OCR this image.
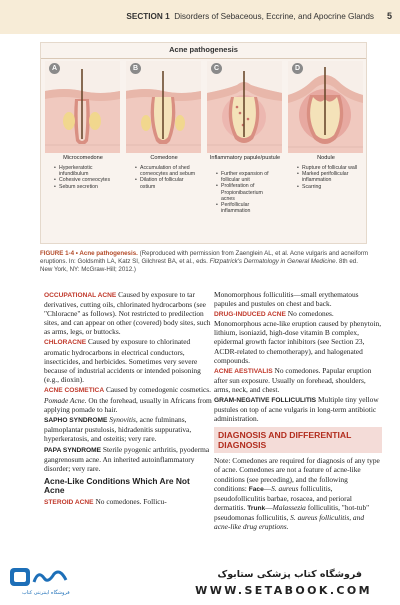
SECTION 1 Disorders of Sebaceous, Eccrine, and Apocrine Glands 5
Acne pathogenesis
A
Microcomedone
• Hyperkeratotic infundibulum
• Cohesive corneocytes
• Sebum secretion
B
Comedone
• Accumulation of shed corneocytes and sebum
• Dilation of follicular ostium
C
Inflammatory papule/pustule
• Further expansion of follicular unit
• Proliferation of Propionibacterium acnes
• Perifollicular inflammation
D
Nodule
• Rupture of follicular wall
• Marked perifollicular inflammation
• Scarring
FIGURE 1-4 • Acne pathogenesis. (Reproduced with permission from Zaenglein AL, et al. Acne vulgaris and acneiform eruptions. In: Goldsmith LA, Katz SI, Gilchrest BA, et al., eds. Fitzpatrick's Dermatology in General Medicine. 8th ed. New York, NY: McGraw-Hill; 2012.)

OCCUPATIONAL ACNE Caused by exposure to tar derivatives, cutting oils, chlorinated hydrocarbons (see "Chloracne" as follows). Not restricted to predilection sites, and can appear on other (covered) body sites, such as arms, legs, or buttocks.

CHLORACNE Caused by exposure to chlorinated aromatic hydrocarbons in electrical conductors, insecticides, and herbicides. Sometimes very severe because of industrial accidents or intended poisoning (e.g., dioxin).

ACNE COSMETICA Caused by comedogenic cosmetics.

Pomade Acne. On the forehead, usually in Africans from applying pomade to hair.

SAPHO SYNDROME Synovitis, acne fulminans, palmoplantar pustulosis, hidradenitis suppurativa, hyperkeratosis, and osteitis; very rare.

PAPA SYNDROME Sterile pyogenic arthritis, pyoderma gangrenosum acne. An inherited autoinflammatory disorder; very rare.

Acne-Like Conditions Which Are Not Acne

STEROID ACNE No comedones. Follicu-

Monomorphous folliculitis—small erythematous papules and pustules on chest and back.

DRUG-INDUCED ACNE No comedones. Monomorphous acne-like eruption caused by phenytoin, lithium, isoniazid, high-dose vitamin B complex, epidermal growth factor inhibitors (see Section 23, ACDR-related to chemotherapy), and halogenated compounds.

ACNE AESTIVALIS No comedones. Papular eruption after sun exposure. Usually on forehead, shoulders, arms, neck, and chest.

GRAM-NEGATIVE FOLLICULITIS Multiple tiny yellow pustules on top of acne vulgaris in long-term antibiotic administration.

DIAGNOSIS AND DIFFERENTIAL DIAGNOSIS

Note: Comedones are required for diagnosis of any type of acne. Comedones are not a feature of acne-like conditions (see preceding), and the following conditions: Face—S. aureus folliculitis, pseudofolliculitis barbae, rosacea, and perioral dermatitis. Trunk—Malassezia folliculitis, "hot-tub" pseudomonas folliculitis, S. aureus folliculitis, and acne-like drug eruptions.

فروشگاه اینترنتی کتاب
فروشگاه کتاب پزشکی ستابوک
WWW.SETABOOK.COM
